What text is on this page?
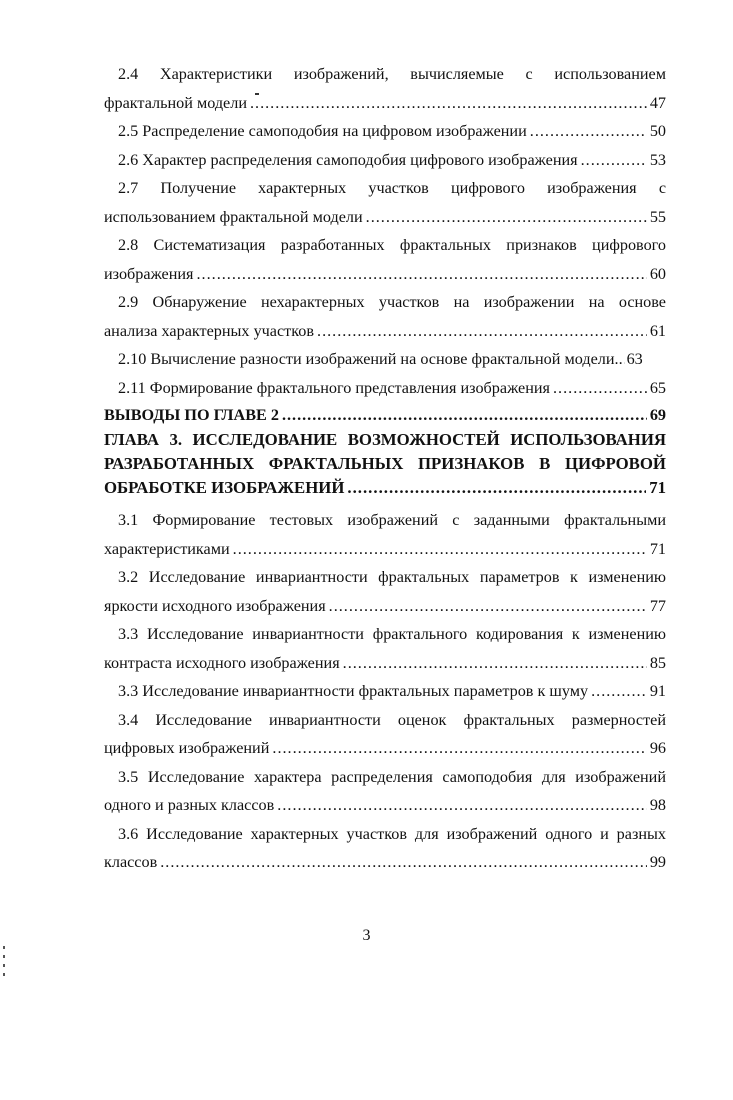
2.4 Характеристики изображений, вычисляемые с использованием
фрактальной модели .....	47
2.5 Распределение самоподобия на цифровом изображении .....	50
2.6 Характер распределения самоподобия цифрового изображения .....	53
2.7 Получение характерных участков цифрового изображения с
использованием фрактальной модели .....	55
2.8 Систематизация разработанных фрактальных признаков цифрового
изображения .....	60
2.9 Обнаружение нехарактерных участков на изображении на основе
анализа характерных участков .....	61
2.10 Вычисление разности изображений на основе фрактальной модели. ..... 63
2.11 Формирование фрактального представления изображения .....	65
ВЫВОДЫ ПО ГЛАВЕ 2 .....	69
ГЛАВА 3. ИССЛЕДОВАНИЕ ВОЗМОЖНОСТЕЙ ИСПОЛЬЗОВАНИЯ
РАЗРАБОТАННЫХ ФРАКТАЛЬНЫХ ПРИЗНАКОВ В ЦИФРОВОЙ
ОБРАБОТКЕ ИЗОБРАЖЕНИЙ .....	71
3.1 Формирование тестовых изображений с заданными фрактальными
характеристиками .....	71
3.2 Исследование инвариантности фрактальных параметров к изменению
яркости исходного изображения .....	77
3.3 Исследование инвариантности фрактального кодирования к изменению
контраста исходного изображения .....	85
3.3 Исследование инвариантности фрактальных параметров к шуму .....	91
3.4 Исследование инвариантности оценок фрактальных размерностей
цифровых изображений .....	96
3.5 Исследование характера распределения самоподобия для изображений
одного и разных классов .....	98
3.6 Исследование характерных участков для изображений одного и разных
классов .....	99
3
